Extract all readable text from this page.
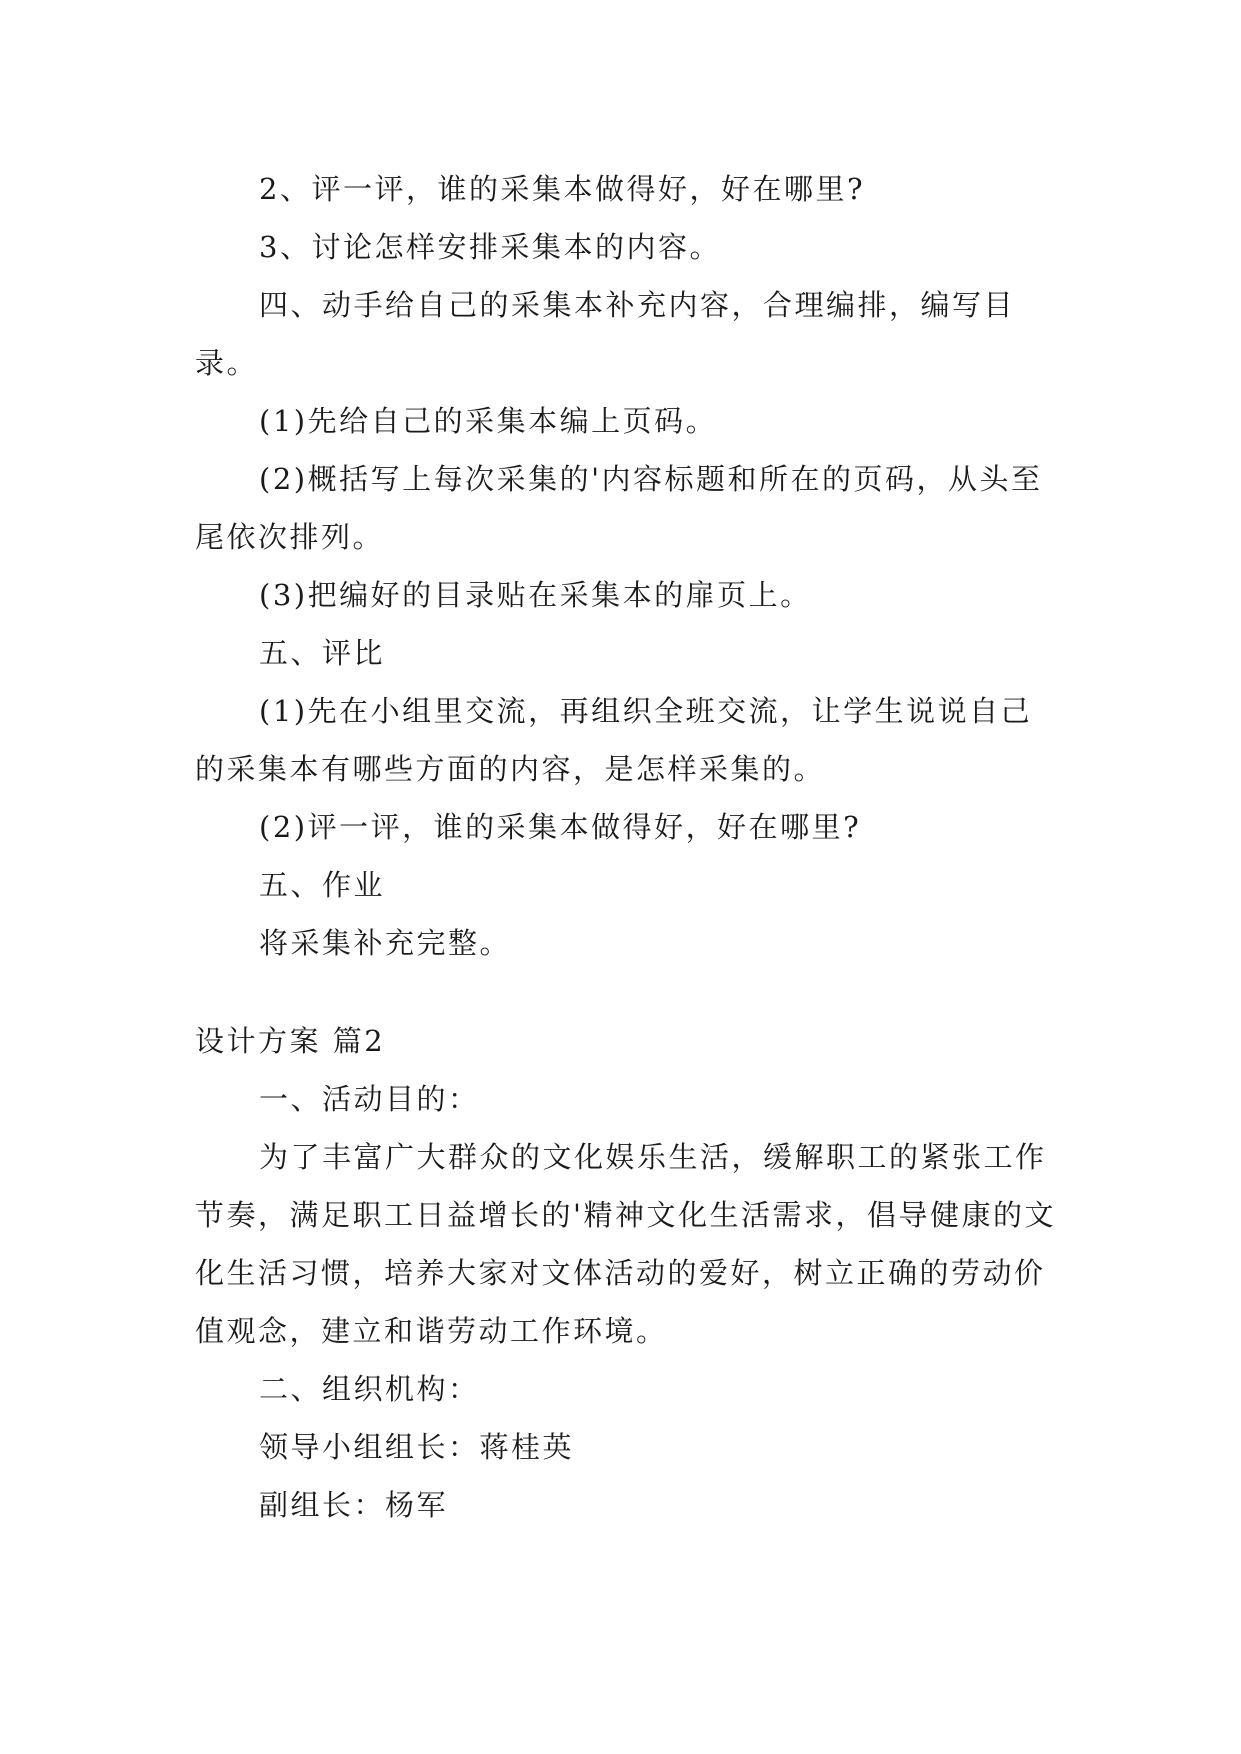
2、评一评，谁的采集本做得好，好在哪里?

3、讨论怎样安排采集本的内容。

四、动手给自己的采集本补充内容，合理编排，编写目录。

(1)先给自己的采集本编上页码。

(2)概括写上每次采集的'内容标题和所在的页码，从头至尾依次排列。

(3)把编好的目录贴在采集本的扉页上。

五、评比

(1)先在小组里交流，再组织全班交流，让学生说说自己的采集本有哪些方面的内容，是怎样采集的。

(2)评一评，谁的采集本做得好，好在哪里?

五、作业

将采集补充完整。

设计方案 篇2

一、活动目的：

为了丰富广大群众的文化娱乐生活，缓解职工的紧张工作节奏，满足职工日益增长的'精神文化生活需求，倡导健康的文化生活习惯，培养大家对文体活动的爱好，树立正确的劳动价值观念，建立和谐劳动工作环境。

二、组织机构：

领导小组组长：蒋桂英

副组长：杨军
